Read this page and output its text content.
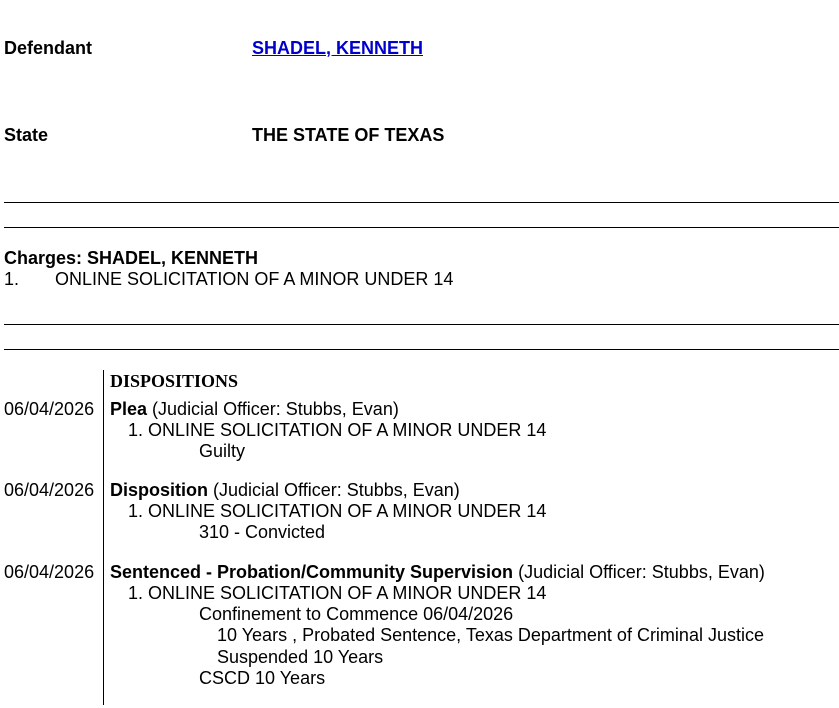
Defendant	SHADEL, KENNETH
State	THE STATE OF TEXAS
Charges: SHADEL, KENNETH
1. ONLINE SOLICITATION OF A MINOR UNDER 14
DISPOSITIONS
06/04/2026 Plea (Judicial Officer: Stubbs, Evan)
1. ONLINE SOLICITATION OF A MINOR UNDER 14
Guilty
06/04/2026 Disposition (Judicial Officer: Stubbs, Evan)
1. ONLINE SOLICITATION OF A MINOR UNDER 14
310 - Convicted
06/04/2026 Sentenced - Probation/Community Supervision (Judicial Officer: Stubbs, Evan)
1. ONLINE SOLICITATION OF A MINOR UNDER 14
Confinement to Commence 06/04/2026
10 Years , Probated Sentence, Texas Department of Criminal Justice
Suspended 10 Years
CSCD 10 Years
